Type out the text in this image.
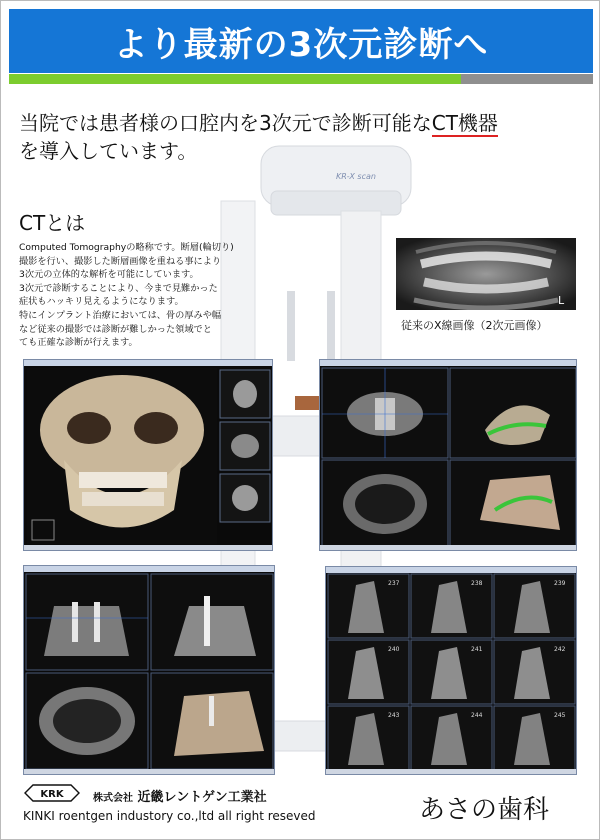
より最新の3次元診断へ
KR-X scan
当院では患者様の口腔内を3次元で診断可能なCT機器
を導入しています。
CTとは

Computed Tomographyの略称です。断層(輪切り)

撮影を行い、撮影した断層画像を重ねる事により

3次元の立体的な解析を可能にしています。

3次元で診断することにより、今まで見難かった

症状もハッキリ見えるようになります。

特にインプラント治療においては、骨の厚みや幅

など従来の撮影では診断が難しかった領域でと

ても正確な診断が行えます。

L
従来のX線画像（2次元画像）
237	238	239
240	241	242
243	244	245
KRK	株式会社 近畿レントゲン工業社
KINKI roentgen industory co.,ltd all right reseved	あさの歯科
